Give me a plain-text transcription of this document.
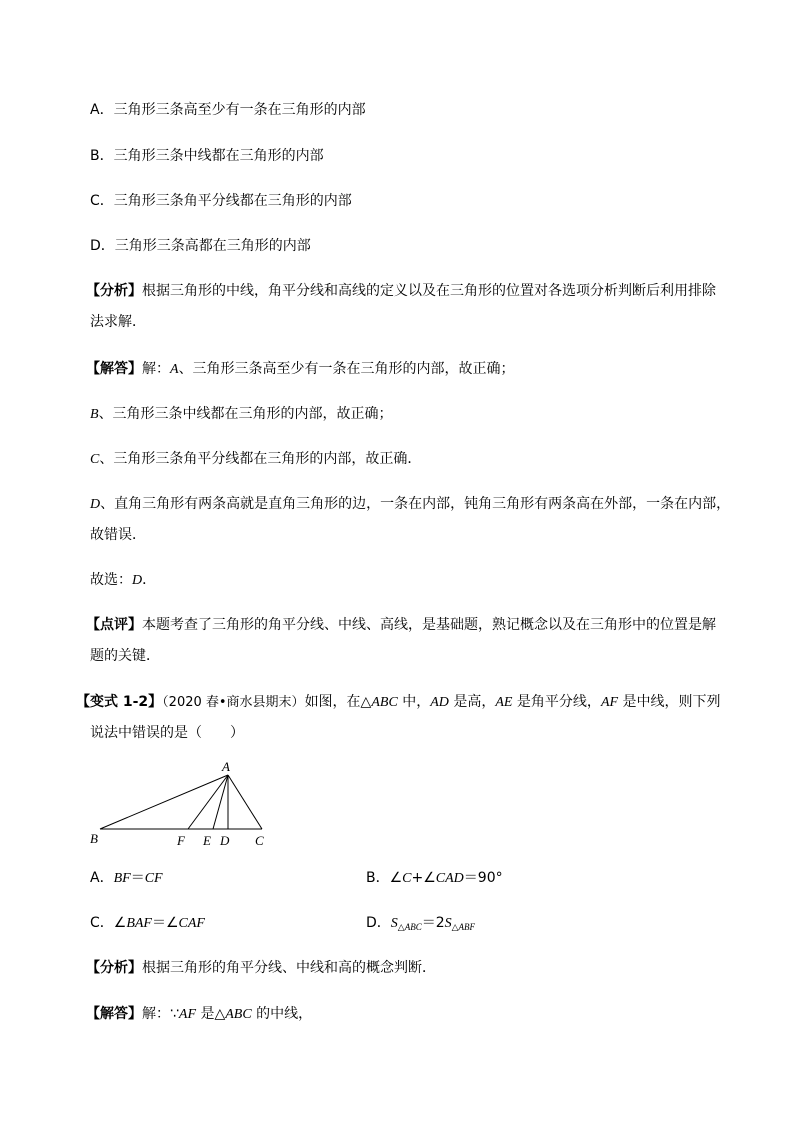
A．三角形三条高至少有一条在三角形的内部
B．三角形三条中线都在三角形的内部
C．三角形三条角平分线都在三角形的内部
D．三角形三条高都在三角形的内部
【分析】根据三角形的中线，角平分线和高线的定义以及在三角形的位置对各选项分析判断后利用排除
法求解．
【解答】解：A、三角形三条高至少有一条在三角形的内部，故正确；
B、三角形三条中线都在三角形的内部，故正确；
C、三角形三条角平分线都在三角形的内部，故正确．
D、直角三角形有两条高就是直角三角形的边，一条在内部，钝角三角形有两条高在外部，一条在内部，
故错误．
故选：D．
【点评】本题考查了三角形的角平分线、中线、高线，是基础题，熟记概念以及在三角形中的位置是解
题的关键．
【变式 1-2】（2020 春•商水县期末）如图，在△ABC 中，AD 是高，AE 是角平分线，AF 是中线，则下列
说法中错误的是（　　）
A
B	F E D C
A．BF＝CF	B．∠C+∠CAD＝90°
C．∠BAF＝∠CAF	D．$S_{\triangle ABC}=2S_{\triangle ABF}$
【分析】根据三角形的角平分线、中线和高的概念判断．
【解答】解：∵AF 是△ABC 的中线，
